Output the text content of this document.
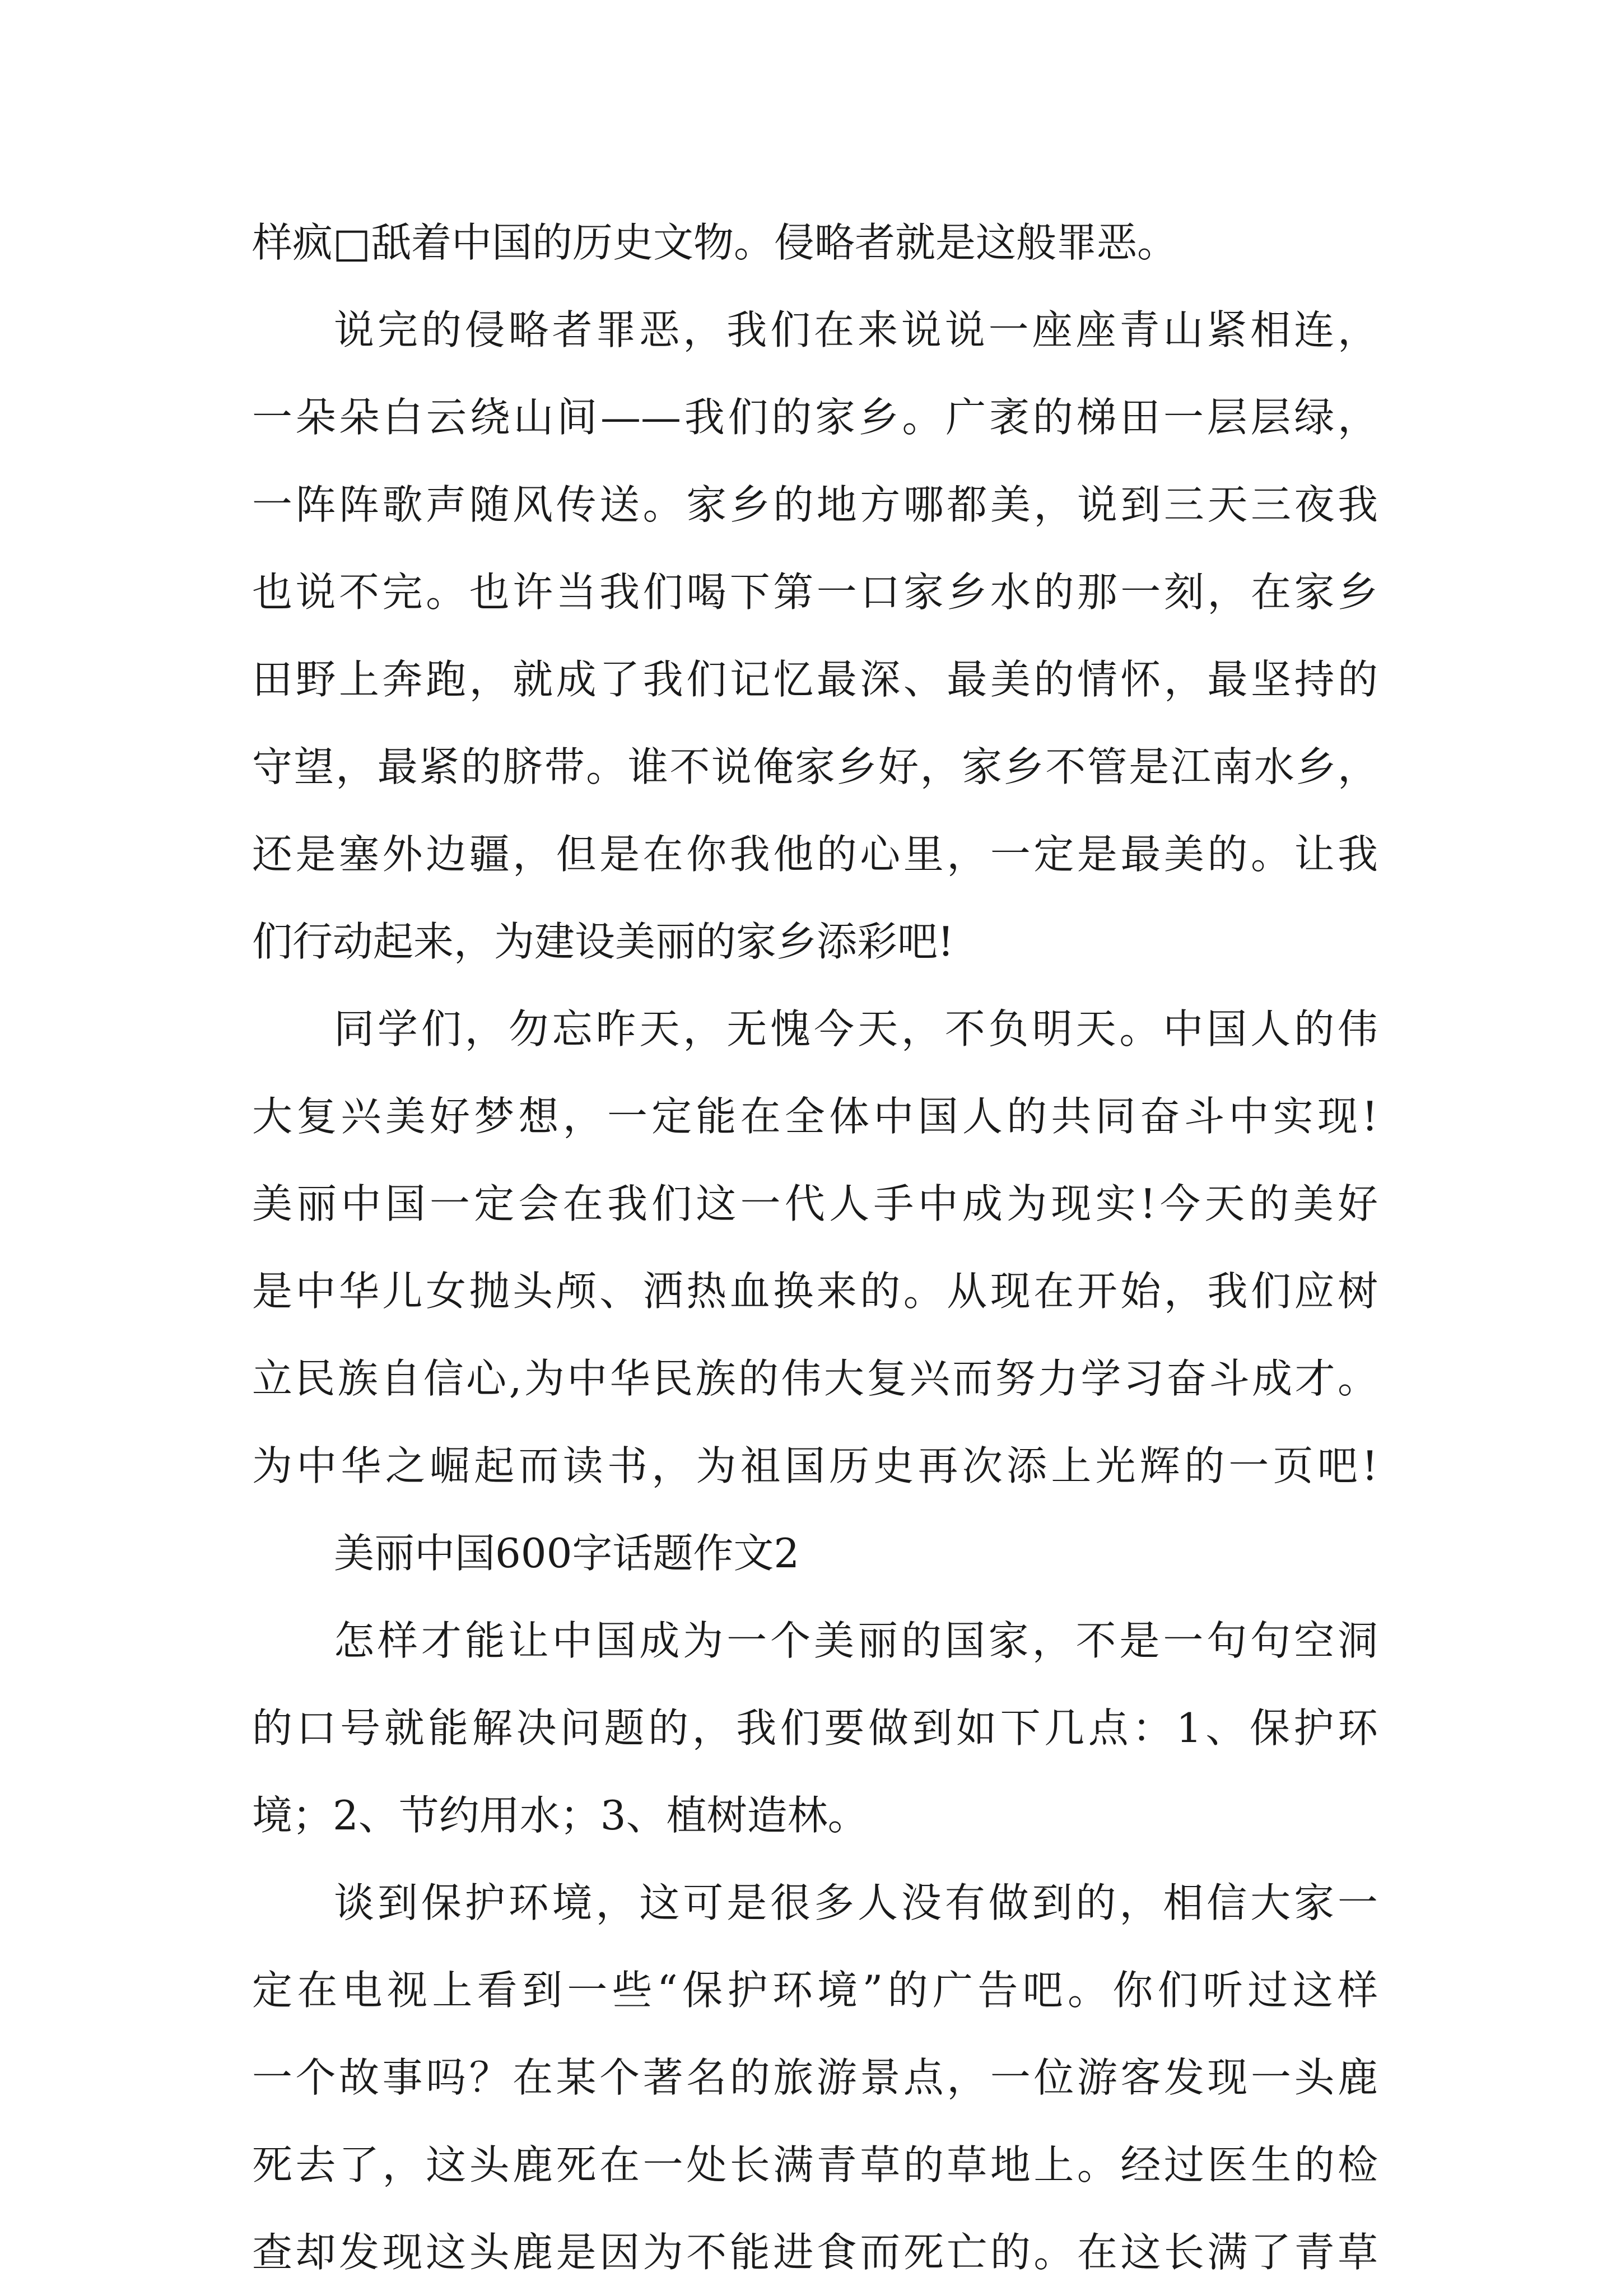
样疯□舐着中国的历史文物。侵略者就是这般罪恶。
说完的侵略者罪恶，我们在来说说一座座青山紧相连，
一朵朵白云绕山间——我们的家乡。广袤的梯田一层层绿，
一阵阵歌声随风传送。家乡的地方哪都美，说到三天三夜我
也说不完。也许当我们喝下第一口家乡水的那一刻，在家乡
田野上奔跑，就成了我们记忆最深、最美的情怀，最坚持的
守望，最紧的脐带。谁不说俺家乡好，家乡不管是江南水乡，
还是塞外边疆，但是在你我他的心里，一定是最美的。让我
们行动起来，为建设美丽的家乡添彩吧!
同学们，勿忘昨天，无愧今天，不负明天。中国人的伟
大复兴美好梦想，一定能在全体中国人的共同奋斗中实现!
美丽中国一定会在我们这一代人手中成为现实!今天的美好
是中华儿女抛头颅、洒热血换来的。从现在开始，我们应树
立民族自信心,为中华民族的伟大复兴而努力学习奋斗成才。
为中华之崛起而读书，为祖国历史再次添上光辉的一页吧!
美丽中国600字话题作文2
怎样才能让中国成为一个美丽的国家，不是一句句空洞
的口号就能解决问题的，我们要做到如下几点：1、保护环
境；2、节约用水；3、植树造林。
谈到保护环境，这可是很多人没有做到的，相信大家一
定在电视上看到一些“保护环境”的广告吧。你们听过这样
一个故事吗？在某个著名的旅游景点，一位游客发现一头鹿
死去了，这头鹿死在一处长满青草的草地上。经过医生的检
查却发现这头鹿是因为不能进食而死亡的。在这长满了青草
